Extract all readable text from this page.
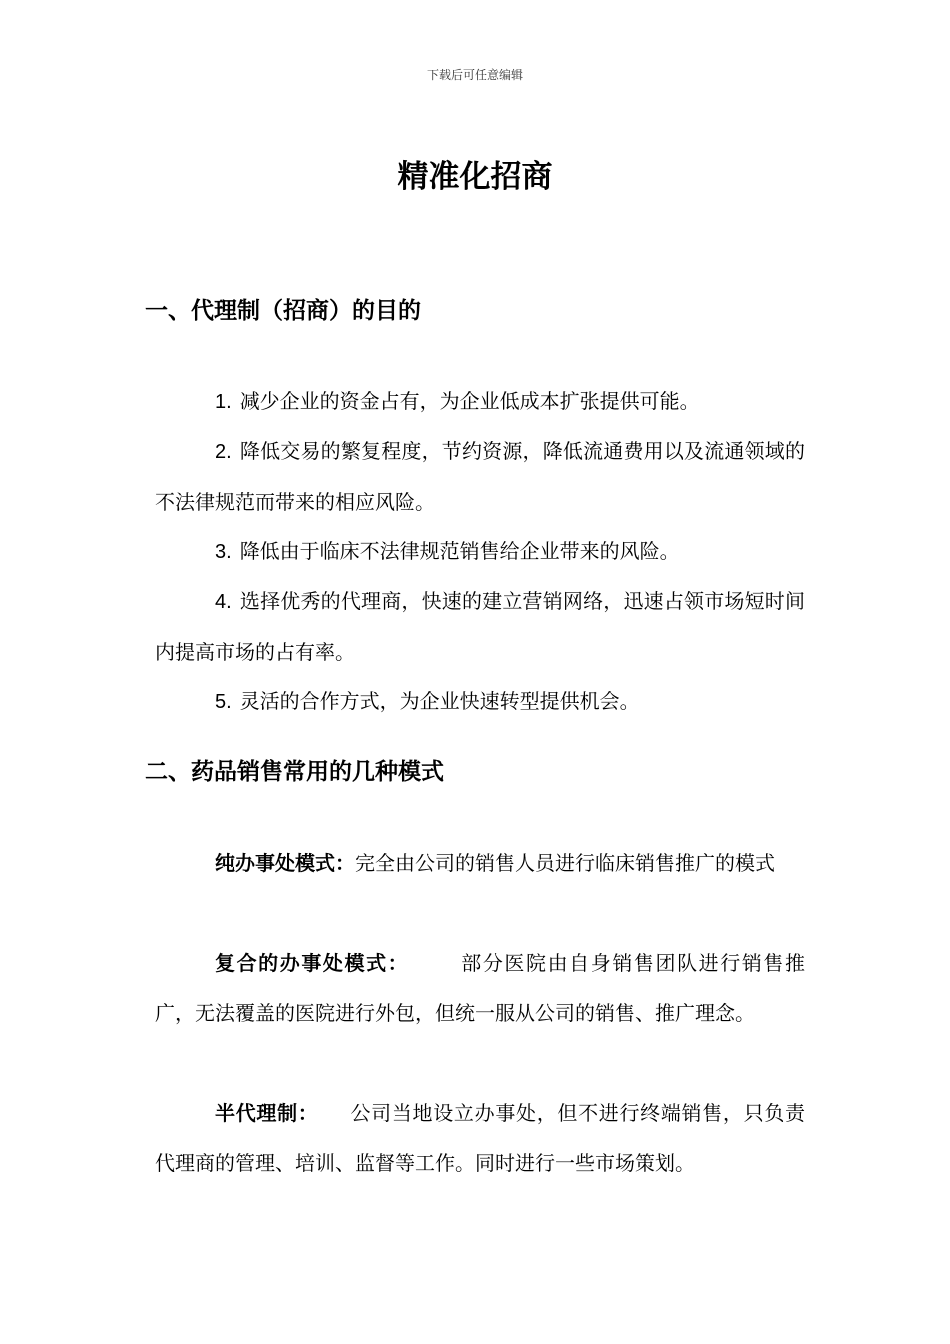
下载后可任意编辑
精准化招商
一、代理制（招商）的目的
1. 减少企业的资金占有，为企业低成本扩张提供可能。
2. 降低交易的繁复程度，节约资源，降低流通费用以及流通领域的不法律规范而带来的相应风险。
3. 降低由于临床不法律规范销售给企业带来的风险。
4. 选择优秀的代理商，快速的建立营销网络，迅速占领市场短时间内提高市场的占有率。
5. 灵活的合作方式，为企业快速转型提供机会。
二、药品销售常用的几种模式
纯办事处模式：完全由公司的销售人员进行临床销售推广的模式
复合的办事处模式：	部分医院由自身销售团队进行销售推广，无法覆盖的医院进行外包，但统一服从公司的销售、推广理念。
半代理制： 公司当地设立办事处，但不进行终端销售，只负责代理商的管理、培训、监督等工作。同时进行一些市场策划。
